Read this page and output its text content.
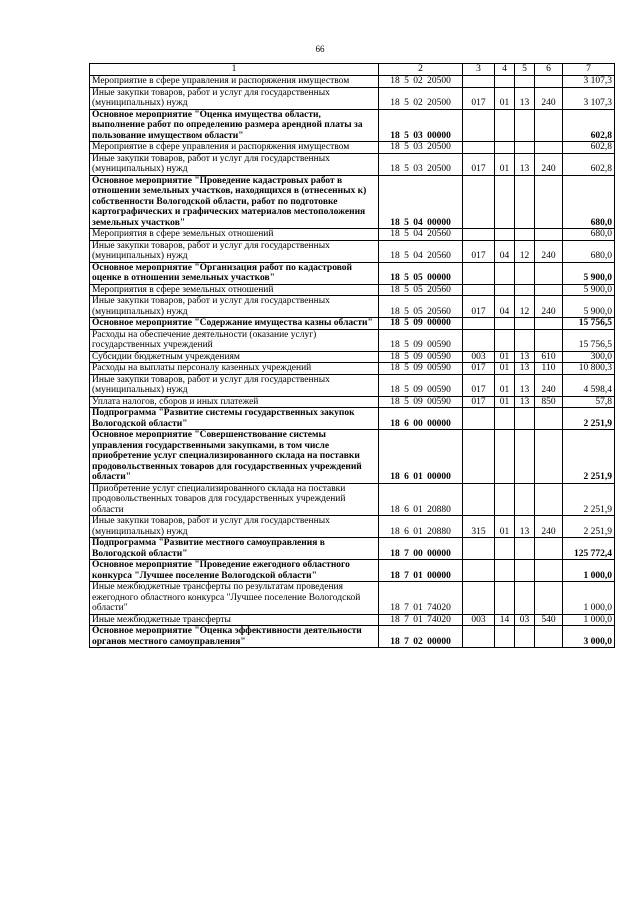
66
1	2	3	4	5	6	7
Мероприятие в сфере управления и распоряжения имуществом	18 5 02 20500					3 107,3
Иные закупки товаров, работ и услуг для государственных (муниципальных) нужд	18 5 02 20500	017	01	13	240	3 107,3
Основное мероприятие "Оценка имущества области, выполнение работ по определению размера арендной платы за пользование имуществом области"	18 5 03 00000					602,8
Мероприятие в сфере управления и распоряжения имуществом	18 5 03 20500					602,8
Иные закупки товаров, работ и услуг для государственных (муниципальных) нужд	18 5 03 20500	017	01	13	240	602,8
Основное мероприятие "Проведение кадастровых работ в отношении земельных участков, находящихся в (отнесенных к) собственности Вологодской области, работ по подготовке картографических и графических материалов местоположения земельных участков"	18 5 04 00000					680,0
Мероприятия в сфере земельных отношений	18 5 04 20560					680,0
Иные закупки товаров, работ и услуг для государственных (муниципальных) нужд	18 5 04 20560	017	04	12	240	680,0
Основное мероприятие "Организация работ по кадастровой оценке в отношении земельных участков"	18 5 05 00000					5 900,0
Мероприятия в сфере земельных отношений	18 5 05 20560					5 900,0
Иные закупки товаров, работ и услуг для государственных (муниципальных) нужд	18 5 05 20560	017	04	12	240	5 900,0
Основное мероприятие "Содержание имущества казны области"	18 5 09 00000					15 756,5
Расходы на обеспечение деятельности (оказание услуг) государственных учреждений	18 5 09 00590					15 756,5
Субсидии бюджетным учреждениям	18 5 09 00590	003	01	13	610	300,0
Расходы на выплаты персоналу казенных учреждений	18 5 09 00590	017	01	13	110	10 800,3
Иные закупки товаров, работ и услуг для государственных (муниципальных) нужд	18 5 09 00590	017	01	13	240	4 598,4
Уплата налогов, сборов и иных платежей	18 5 09 00590	017	01	13	850	57,8
Подпрограмма "Развитие системы государственных закупок Вологодской области"	18 6 00 00000					2 251,9
Основное мероприятие "Совершенствование системы управления государственными закупками, в том числе приобретение услуг специализированного склада на поставки продовольственных товаров для государственных учреждений области"	18 6 01 00000					2 251,9
Приобретение услуг специализированного склада на поставки продовольственных товаров для государственных учреждений области	18 6 01 20880					2 251,9
Иные закупки товаров, работ и услуг для государственных (муниципальных) нужд	18 6 01 20880	315	01	13	240	2 251,9
Подпрограмма "Развитие местного самоуправления в Вологодской области"	18 7 00 00000					125 772,4
Основное мероприятие "Проведение ежегодного областного конкурса "Лучшее поселение Вологодской области"	18 7 01 00000					1 000,0
Иные межбюджетные трансферты по результатам проведения ежегодного областного конкурса "Лучшее поселение Вологодской области"	18 7 01 74020					1 000,0
Иные межбюджетные трансферты	18 7 01 74020	003	14	03	540	1 000,0
Основное мероприятие "Оценка эффективности деятельности органов местного самоуправления"	18 7 02 00000					3 000,0
